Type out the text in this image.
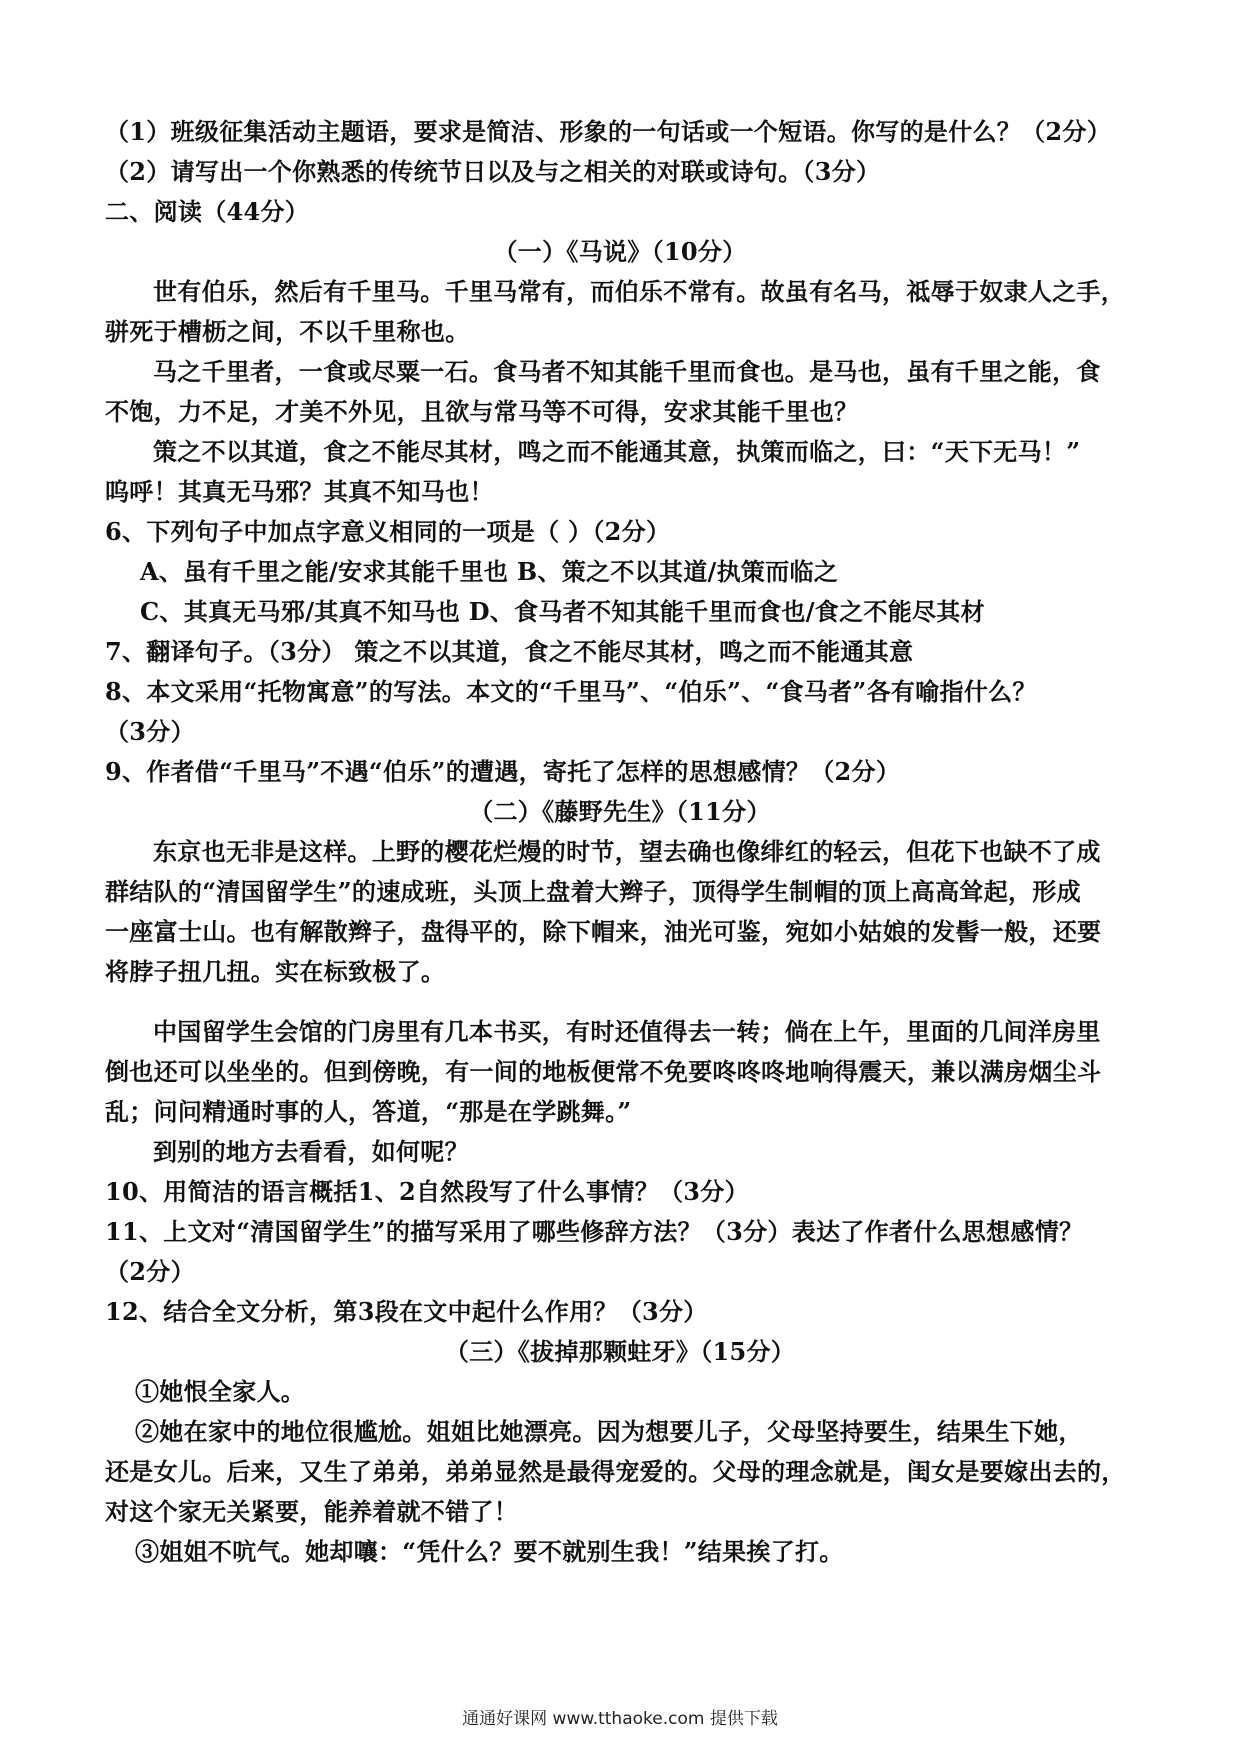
（1）班级征集活动主题语，要求是简洁、形象的一句话或一个短语。你写的是什么？（2分）
（2）请写出一个你熟悉的传统节日以及与之相关的对联或诗句。（3分）
二、阅读（44分）
（一）《马说》（10分）
世有伯乐，然后有千里马。千里马常有，而伯乐不常有。故虽有名马，祗辱于奴隶人之手，
骈死于槽枥之间，不以千里称也。
马之千里者，一食或尽粟一石。食马者不知其能千里而食也。是马也，虽有千里之能，食
不饱，力不足，才美不外见，且欲与常马等不可得，安求其能千里也？
策之不以其道，食之不能尽其材，鸣之而不能通其意，执策而临之，曰：“天下无马！”
呜呼！其真无马邪？其真不知马也！
6、下列句子中加点字意义相同的一项是（ ）（2分）
A、虽有千里之能/安求其能千里也 B、策之不以其道/执策而临之
C、其真无马邪/其真不知马也 D、食马者不知其能千里而食也/食之不能尽其材
7、翻译句子。（3分） 策之不以其道，食之不能尽其材，鸣之而不能通其意
8、本文采用“托物寓意”的写法。本文的“千里马”、“伯乐”、“食马者”各有喻指什么？
（3分）
9、作者借“千里马”不遇“伯乐”的遭遇，寄托了怎样的思想感情？（2分）
（二）《藤野先生》（11分）
东京也无非是这样。上野的樱花烂熳的时节，望去确也像绯红的轻云，但花下也缺不了成
群结队的“清国留学生”的速成班，头顶上盘着大辫子，顶得学生制帽的顶上高高耸起，形成
一座富士山。也有解散辫子，盘得平的，除下帽来，油光可鉴，宛如小姑娘的发髻一般，还要
将脖子扭几扭。实在标致极了。
中国留学生会馆的门房里有几本书买，有时还值得去一转；倘在上午，里面的几间洋房里
倒也还可以坐坐的。但到傍晚，有一间的地板便常不免要咚咚咚地响得震天，兼以满房烟尘斗
乱；问问精通时事的人，答道，“那是在学跳舞。”
到别的地方去看看，如何呢？
10、用简洁的语言概括1、2自然段写了什么事情？（3分）
11、上文对“清国留学生”的描写采用了哪些修辞方法？（3分）表达了作者什么思想感情？
（2分）
12、结合全文分析，第3段在文中起什么作用？（3分）
（三）《拔掉那颗蛀牙》（15分）
①她恨全家人。
②她在家中的地位很尴尬。姐姐比她漂亮。因为想要儿子，父母坚持要生，结果生下她，
还是女儿。后来，又生了弟弟，弟弟显然是最得宠爱的。父母的理念就是，闺女是要嫁出去的，
对这个家无关紧要，能养着就不错了！
③姐姐不吭气。她却嚷：“凭什么？要不就别生我！”结果挨了打。
通通好课网 www.tthaoke.com 提供下载
